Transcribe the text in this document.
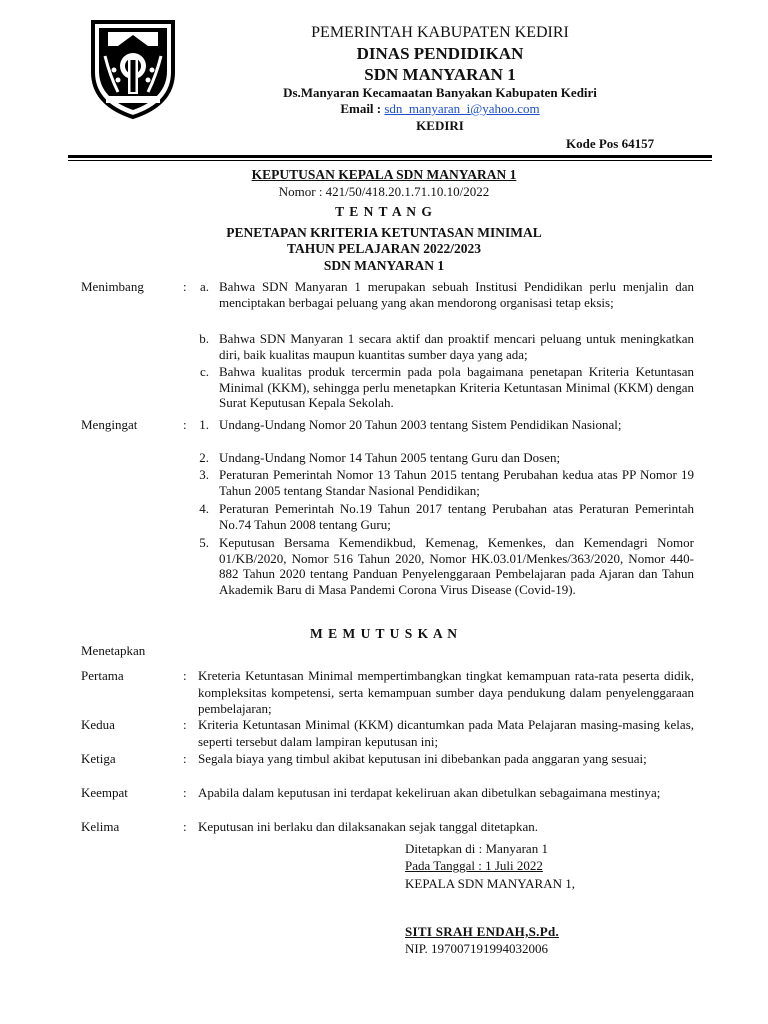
PEMERINTAH KABUPATEN KEDIRI
DINAS PENDIDIKAN
SDN MANYARAN 1
Ds.Manyaran Kecamaatan Banyakan Kabupaten Kediri
Email : sdn_manyaran_i@yahoo.com
KEDIRI
Kode Pos 64157
KEPUTUSAN KEPALA SDN MANYARAN 1
Nomor : 421/50/418.20.1.71.10.10/2022
T E N T A N G
PENETAPAN KRITERIA KETUNTASAN MINIMAL
TAHUN PELAJARAN 2022/2023
SDN MANYARAN 1
Menimbang	:	a. Bahwa SDN Manyaran 1 merupakan sebuah Institusi Pendidikan perlu menjalin dan menciptakan berbagai peluang yang akan mendorong organisasi tetap eksis;
b. Bahwa SDN Manyaran 1 secara aktif dan proaktif mencari peluang untuk meningkatkan diri, baik kualitas maupun kuantitas sumber daya yang ada;
c. Bahwa kualitas produk tercermin pada pola bagaimana penetapan Kriteria Ketuntasan Minimal (KKM), sehingga perlu menetapkan Kriteria Ketuntasan Minimal (KKM) dengan Surat Keputusan Kepala Sekolah.
Mengingat	: 1. Undang-Undang Nomor 20 Tahun 2003 tentang Sistem Pendidikan Nasional;
2. Undang-Undang Nomor 14 Tahun 2005 tentang Guru dan Dosen;
3. Peraturan Pemerintah Nomor 13 Tahun 2015 tentang Perubahan kedua atas PP Nomor 19 Tahun 2005 tentang Standar Nasional Pendidikan;
4. Peraturan Pemerintah No.19 Tahun 2017 tentang Perubahan atas Peraturan Pemerintah No.74 Tahun 2008 tentang Guru;
5. Keputusan Bersama Kemendikbud, Kemenag, Kemenkes, dan Kemendagri Nomor 01/KB/2020, Nomor 516 Tahun 2020, Nomor HK.03.01/Menkes/363/2020, Nomor 440-882 Tahun 2020 tentang Panduan Penyelenggaraan Pembelajaran pada Ajaran dan Tahun Akademik Baru di Masa Pandemi Corona Virus Disease (Covid-19).
M E M U T U S K A N
Menetapkan
Pertama	: Kreteria Ketuntasan Minimal mempertimbangkan tingkat kemampuan rata-rata peserta didik, kompleksitas kompetensi, serta kemampuan sumber daya pendukung dalam penyelenggaraan pembelajaran;
Kedua	: Kriteria Ketuntasan Minimal (KKM) dicantumkan pada Mata Pelajaran masing-masing kelas, seperti tersebut dalam lampiran keputusan ini;
Ketiga	: Segala biaya yang timbul akibat keputusan ini dibebankan pada anggaran yang sesuai;
Keempat	: Apabila dalam keputusan ini terdapat kekeliruan akan dibetulkan sebagaimana mestinya;
Kelima	: Keputusan ini berlaku dan dilaksanakan sejak tanggal ditetapkan.
Ditetapkan di : Manyaran 1
Pada Tanggal : 1 Juli 2022
KEPALA SDN MANYARAN 1,
SITI SRAH ENDAH,S.Pd.
NIP. 197007191994032006
